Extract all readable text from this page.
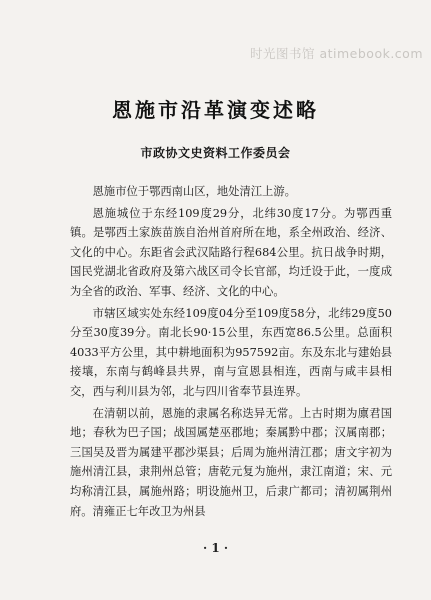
时光图书馆 atimebook.com
恩施市沿革演变述略
市政协文史资料工作委员会

恩施市位于鄂西南山区，地处清江上游。

恩施城位于东经109度29分，北纬30度17分。为鄂西重镇。是鄂西土家族苗族自治州首府所在地，系全州政治、经济、文化的中心。东距省会武汉陆路行程684公里。抗日战争时期，国民党湖北省政府及第六战区司令长官部，均迁设于此，一度成为全省的政治、军事、经济、文化的中心。

市辖区域实处东经109度04分至109度58分，北纬29度50分至30度39分。南北长90·15公里，东西宽86.5公里。总面积4033平方公里，其中耕地面积为957592亩。东及东北与建始县接壤，东南与鹤峰县共界，南与宣恩县相连，西南与咸丰县相交，西与利川县为邻，北与四川省奉节县连界。

在清朝以前，恩施的隶属名称迭异无常。上古时期为廪君国地；春秋为巴子国；战国属楚巫郡地；秦属黔中郡；汉属南郡；三国吴及晋为属建平郡沙渠县；后周为施州清江郡；唐文宇初为施州清江县，隶荆州总管；唐乾元复为施州，隶江南道；宋、元均称清江县，属施州路；明设施州卫，后隶广都司；清初属荆州府。清雍正七年改卫为州县

· 1 ·
